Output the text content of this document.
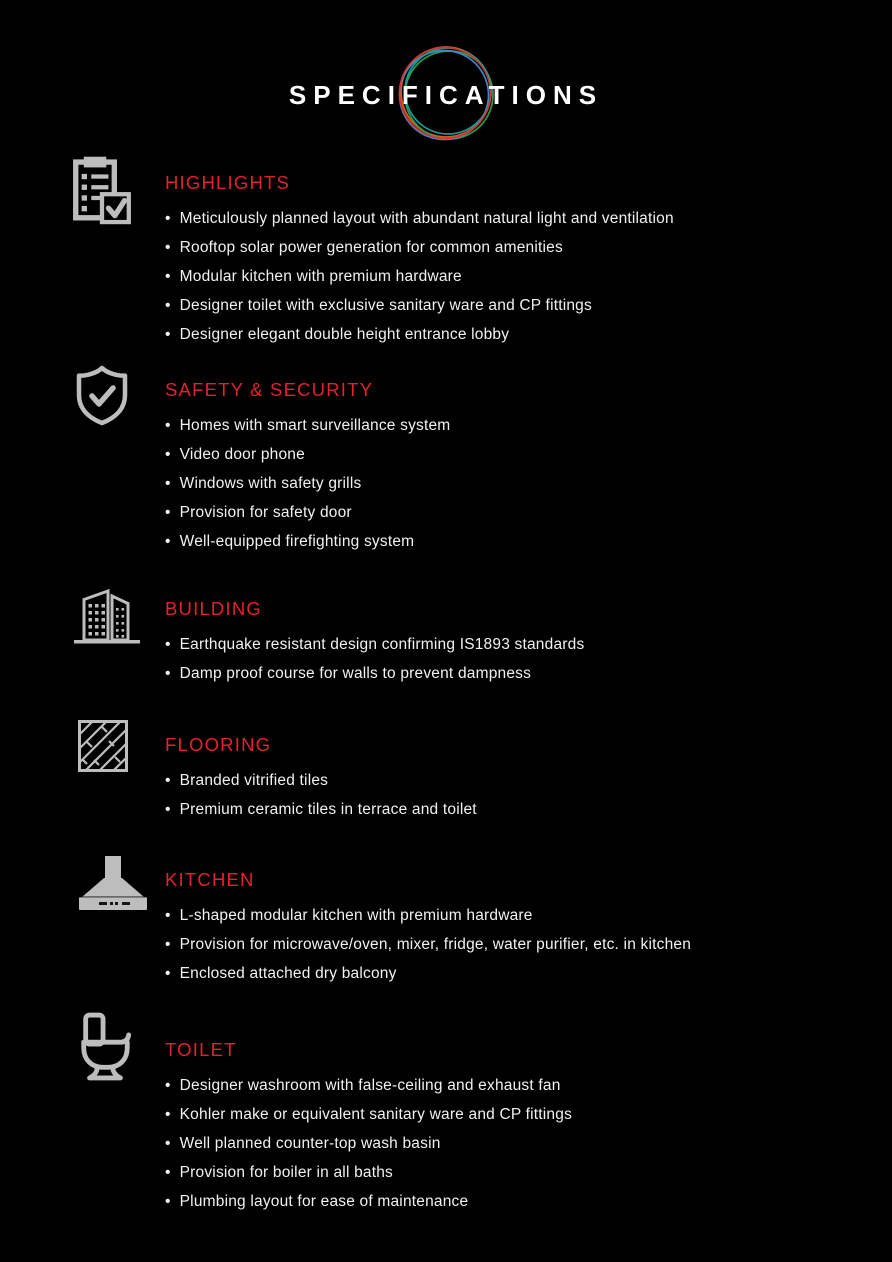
SPECIFICATIONS
HIGHLIGHTS
• Meticulously planned layout with abundant natural light and ventilation
• Rooftop solar power generation for common amenities
• Modular kitchen with premium hardware
• Designer toilet with exclusive sanitary ware and CP fittings
• Designer elegant double height entrance lobby
SAFETY & SECURITY
• Homes with smart surveillance system
• Video door phone
• Windows with safety grills
• Provision for safety door
• Well-equipped firefighting system
BUILDING
• Earthquake resistant design confirming IS1893 standards
• Damp proof course for walls to prevent dampness
FLOORING
• Branded vitrified tiles
• Premium ceramic tiles in terrace and toilet
KITCHEN
• L-shaped modular kitchen with premium hardware
• Provision for microwave/oven, mixer, fridge, water purifier, etc. in kitchen
• Enclosed attached dry balcony
TOILET
• Designer washroom with false-ceiling and exhaust fan
• Kohler make or equivalent sanitary ware and CP fittings
• Well planned counter-top wash basin
• Provision for boiler in all baths
• Plumbing layout for ease of maintenance
